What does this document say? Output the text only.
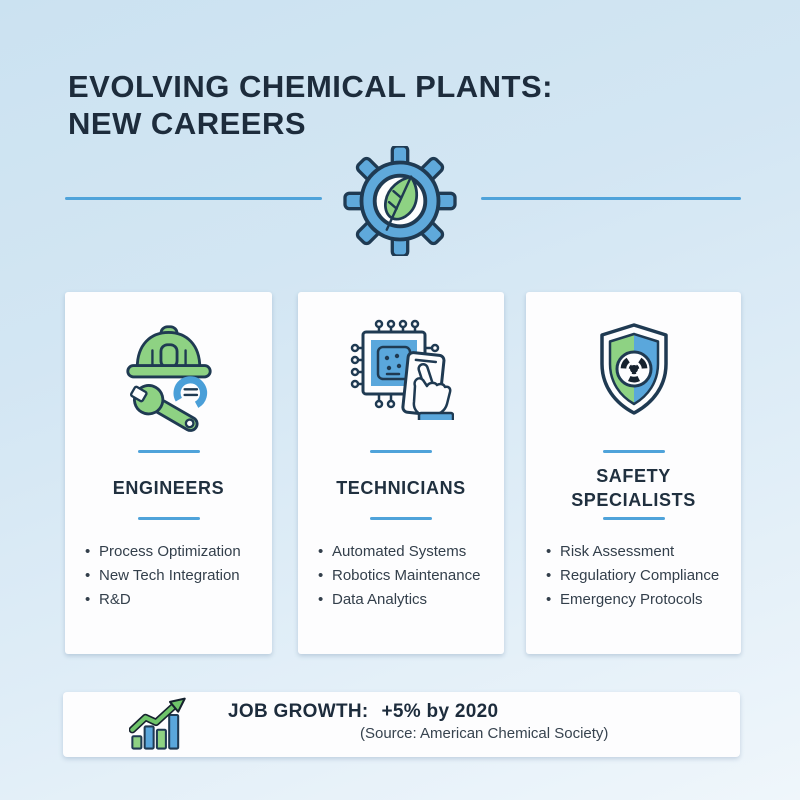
EVOLVING CHEMICAL PLANTS:
NEW CAREERS
ENGINEERS
•
Process Optimization
•
New Tech Integration
•
R&D
TECHNICIANS
•
Automated Systems
•
Robotics Maintenance
•
Data Analytics
SAFETY
SPECIALISTS
•
Risk Assessment
•
Regulatiory Compliance
•
Emergency Protocols
JOB GROWTH: +5% by 2020
(Source: American Chemical Society)
